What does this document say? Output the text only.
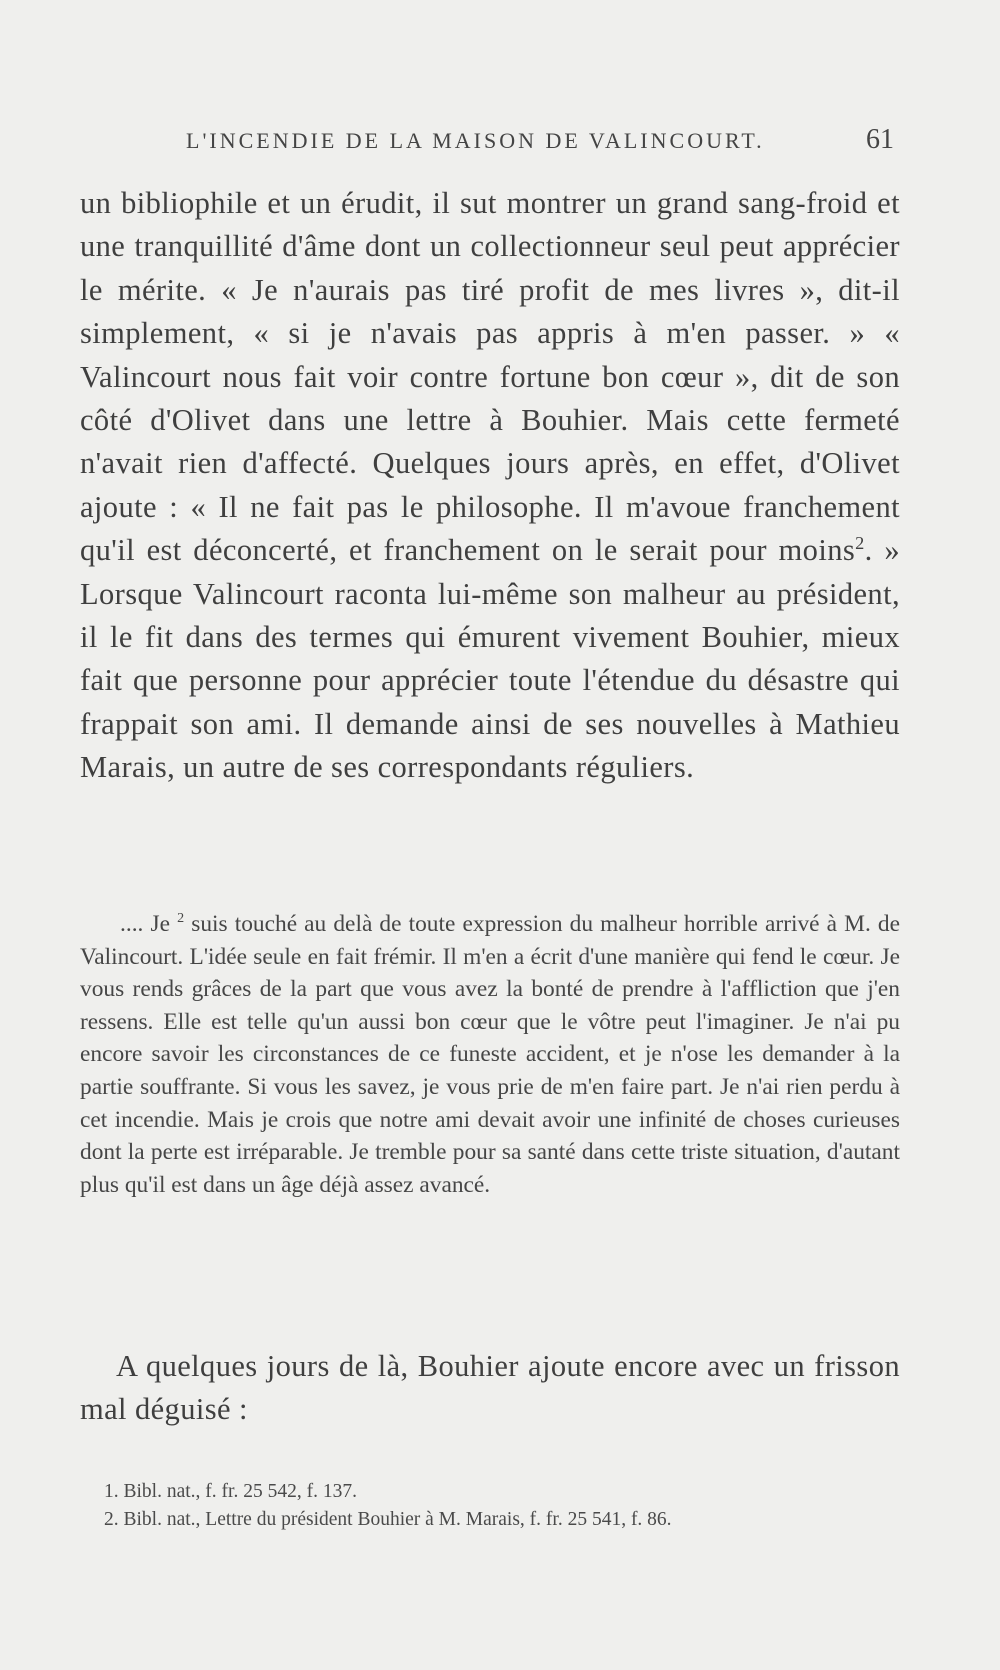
L'INCENDIE DE LA MAISON DE VALINCOURT.	61

un bibliophile et un érudit, il sut montrer un grand sang-froid et une tranquillité d'âme dont un collectionneur seul peut apprécier le mérite. « Je n'aurais pas tiré profit de mes livres », dit-il simplement, « si je n'avais pas appris à m'en passer. » « Valincourt nous fait voir contre fortune bon cœur », dit de son côté d'Olivet dans une lettre à Bouhier. Mais cette fermeté n'avait rien d'affecté. Quelques jours après, en effet, d'Olivet ajoute : « Il ne fait pas le philosophe. Il m'avoue franchement qu'il est déconcerté, et franchement on le serait pour moins$^2$. » Lorsque Valincourt raconta lui-même son malheur au président, il le fit dans des termes qui émurent vivement Bouhier, mieux fait que personne pour apprécier toute l'étendue du désastre qui frappait son ami. Il demande ainsi de ses nouvelles à Mathieu Marais, un autre de ses correspondants réguliers.

.... Je $^2$ suis touché au delà de toute expression du malheur horrible arrivé à M. de Valincourt. L'idée seule en fait frémir. Il m'en a écrit d'une manière qui fend le cœur. Je vous rends grâces de la part que vous avez la bonté de prendre à l'affliction que j'en ressens. Elle est telle qu'un aussi bon cœur que le vôtre peut l'imaginer. Je n'ai pu encore savoir les circonstances de ce funeste accident, et je n'ose les demander à la partie souffrante. Si vous les savez, je vous prie de m'en faire part. Je n'ai rien perdu à cet incendie. Mais je crois que notre ami devait avoir une infinité de choses curieuses dont la perte est irréparable. Je tremble pour sa santé dans cette triste situation, d'autant plus qu'il est dans un âge déjà assez avancé.

A quelques jours de là, Bouhier ajoute encore avec un frisson mal déguisé :

1. Bibl. nat., f. fr. 25 542, f. 137.
2. Bibl. nat., Lettre du président Bouhier à M. Marais, f. fr. 25 541, f. 86.
